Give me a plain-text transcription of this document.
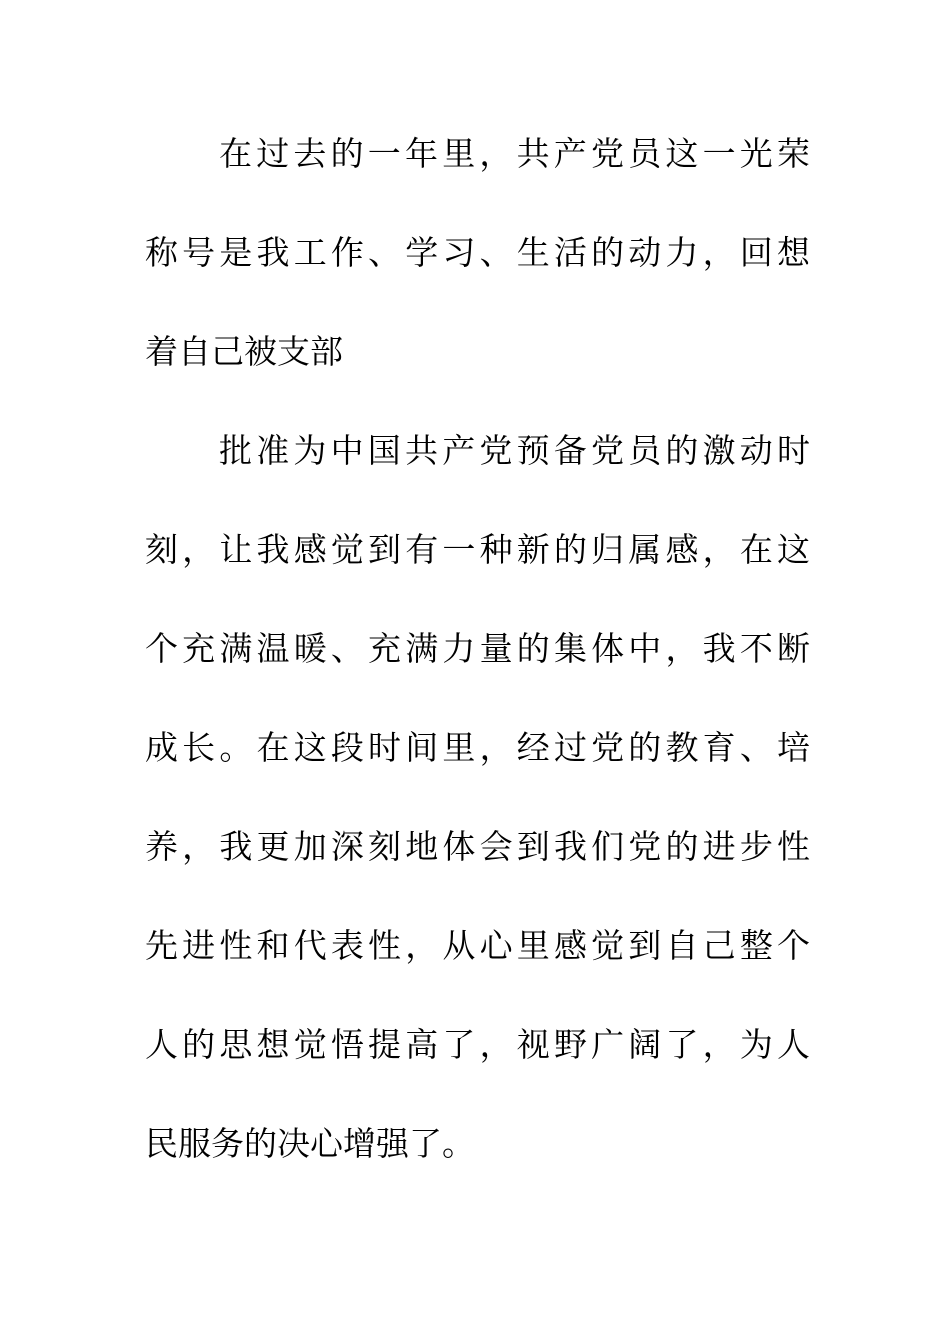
在过去的一年里，共产党员这一光荣
称号是我工作、学习、生活的动力，回想
着自己被支部
批准为中国共产党预备党员的激动时
刻，让我感觉到有一种新的归属感，在这
个充满温暖、充满力量的集体中，我不断
成长。在这段时间里，经过党的教育、培
养，我更加深刻地体会到我们党的进步性
先进性和代表性，从心里感觉到自己整个
人的思想觉悟提高了，视野广阔了，为人
民服务的决心增强了。
